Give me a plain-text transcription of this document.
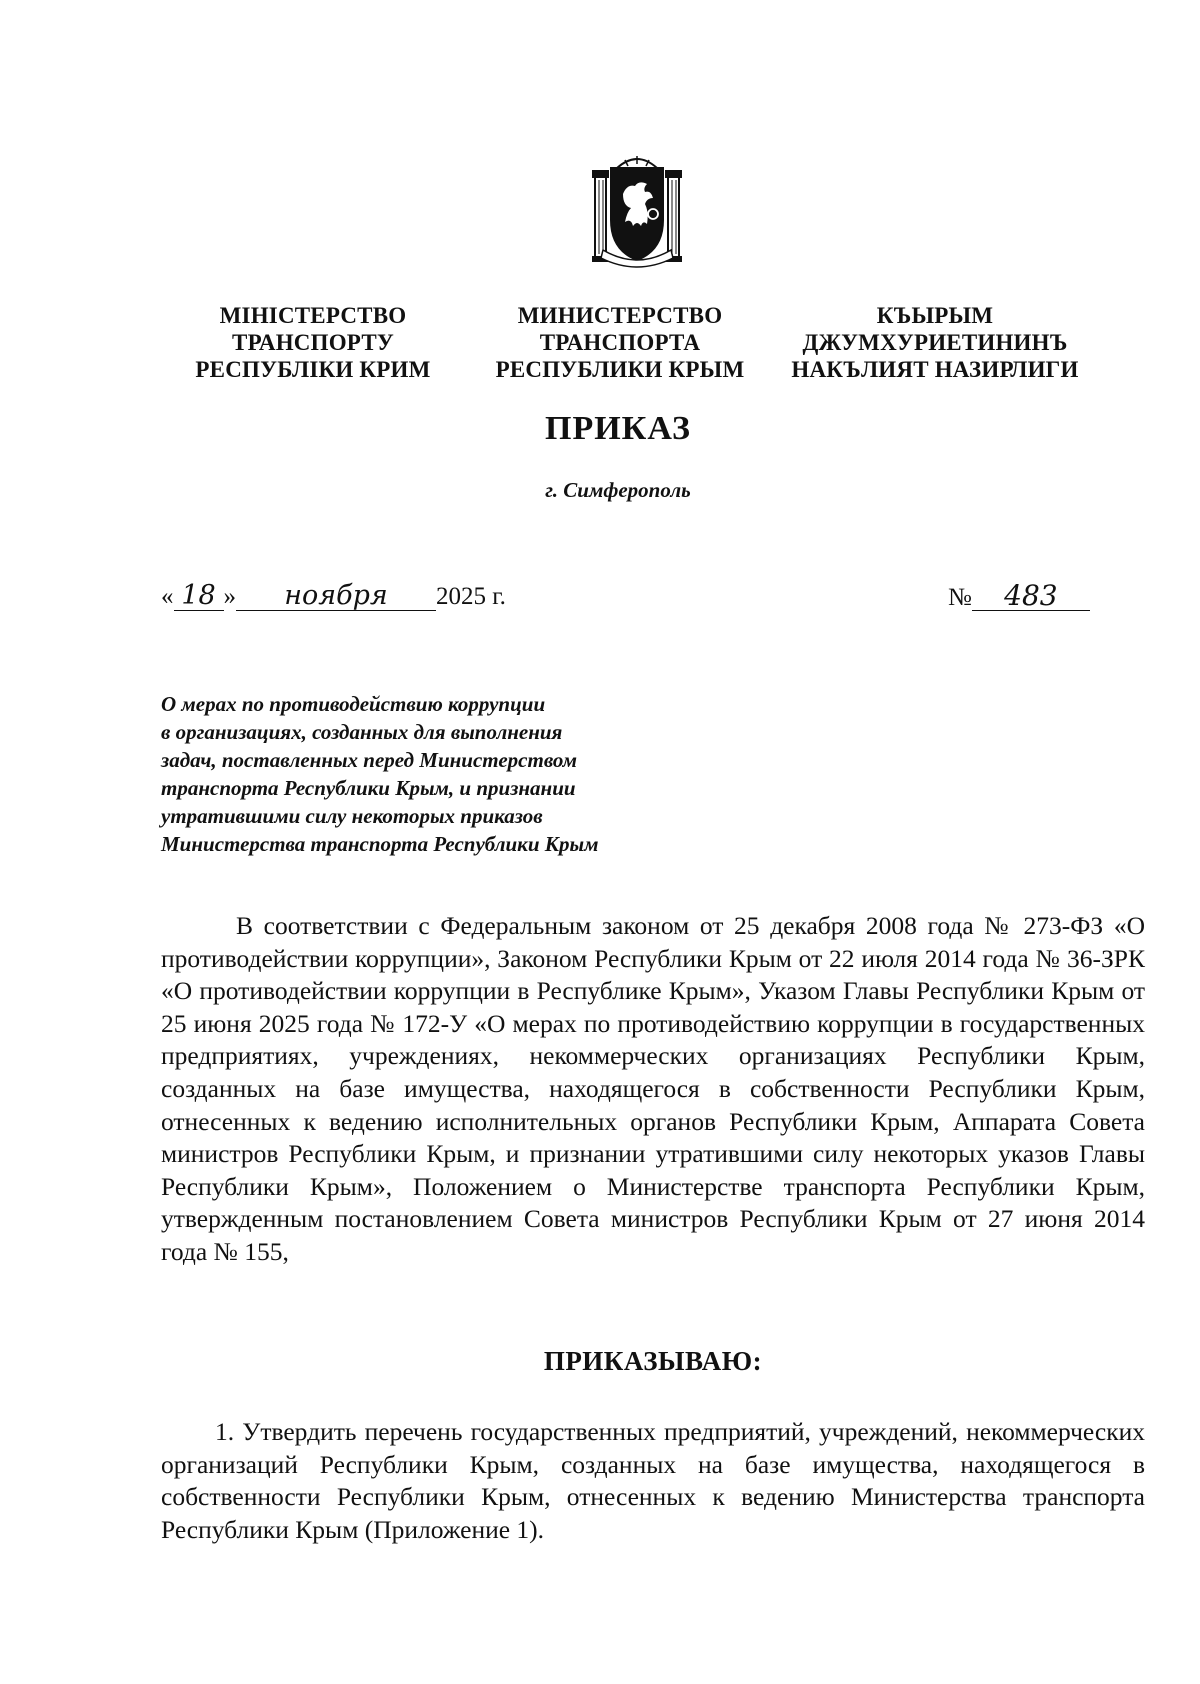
МІНІСТЕРСТВО
ТРАНСПОРТУ
РЕСПУБЛІКИ КРИМ
МИНИСТЕРСТВО
ТРАНСПОРТА
РЕСПУБЛИКИ КРЫМ
КЪЫРЫМ
ДЖУМХУРИЕТИНИНЪ
НАКЪЛИЯТ НАЗИРЛИГИ
ПРИКАЗ
г. Симферополь
« 18 » ноября 2025 г.	№ 483
О мерах по противодействию коррупции
в организациях, созданных для выполнения
задач, поставленных перед Министерством
транспорта Республики Крым, и признании
утратившими силу некоторых приказов
Министерства транспорта Республики Крым

В соответствии с Федеральным законом от 25 декабря 2008 года № 273-ФЗ «О противодействии коррупции», Законом Республики Крым от 22 июля 2014 года № 36-ЗРК «О противодействии коррупции в Республике Крым», Указом Главы Республики Крым от 25 июня 2025 года № 172-У «О мерах по противодействию коррупции в государственных предприятиях, учреждениях, некоммерческих организациях Республики Крым, созданных на базе имущества, находящегося в собственности Республики Крым, отнесенных к ведению исполнительных органов Республики Крым, Аппарата Совета министров Республики Крым, и признании утратившими силу некоторых указов Главы Республики Крым», Положением о Министерстве транспорта Республики Крым, утвержденным постановлением Совета министров Республики Крым от 27 июня 2014 года № 155,

ПРИКАЗЫВАЮ:

1. Утвердить перечень государственных предприятий, учреждений, некоммерческих организаций Республики Крым, созданных на базе имущества, находящегося в собственности Республики Крым, отнесенных к ведению Министерства транспорта Республики Крым (Приложение 1).
